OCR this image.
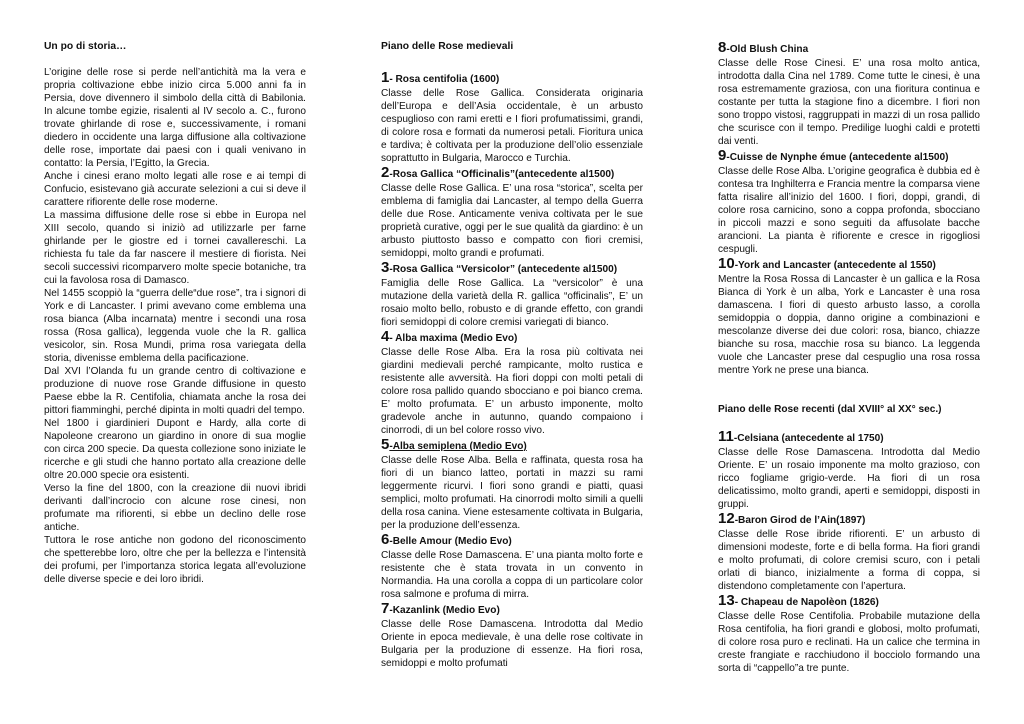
Un po di storia…

L’origine delle rose si perde nell’antichità ma la vera e propria coltivazione ebbe inizio circa 5.000 anni fa in Persia, dove divennero il simbolo della città di Babilonia. In alcune tombe egizie, risalenti al IV secolo a. C., furono trovate ghirlande di rose e, successivamente, i romani diedero in occidente una larga diffusione alla coltivazione delle rose, importate dai paesi con i quali venivano in contatto: la Persia, l’Egitto, la Grecia.

Anche i cinesi erano molto legati alle rose e ai tempi di Confucio, esistevano già accurate selezioni a cui si deve il carattere rifiorente delle rose moderne.

La massima diffusione delle rose si ebbe in Europa nel XIII secolo, quando si iniziò ad utilizzarle per farne ghirlande per le giostre ed i tornei cavallereschi. La richiesta fu tale da far nascere il mestiere di fiorista. Nei secoli successivi ricomparvero molte specie botaniche, tra cui la favolosa rosa di Damasco.

Nel 1455 scoppiò la “guerra delle“due rose”, tra i signori di York e di Lancaster. I primi avevano come emblema una rosa bianca (Alba incarnata) mentre i secondi una rosa rossa (Rosa gallica), leggenda vuole che la R. gallica vesicolor, sin. Rosa Mundi, prima rosa variegata della storia, divenisse emblema della pacificazione.

Dal XVI l’Olanda fu un grande centro di coltivazione e produzione di nuove rose Grande diffusione in questo Paese ebbe la R. Centifolia, chiamata anche la rosa dei pittori fiamminghi, perché dipinta in molti quadri del tempo.

Nel 1800 i giardinieri Dupont e Hardy, alla corte di Napoleone crearono un giardino in onore di sua moglie con circa 200 specie. Da questa collezione sono iniziate le ricerche e gli studi che hanno portato alla creazione delle oltre 20.000 specie ora esistenti.

Verso la fine del 1800, con la creazione dii nuovi ibridi derivanti dall’incrocio con alcune rose cinesi, non profumate ma rifiorenti, si ebbe un declino delle rose antiche.

Tuttora le rose antiche non godono del riconoscimento che spetterebbe loro, oltre che per la bellezza e l’intensità dei profumi, per l’importanza storica legata all’evoluzione delle diverse specie e dei loro ibridi.

Piano delle Rose medievali
1- Rosa centifolia (1600)

Classe delle Rose Gallica. Considerata originaria dell’Europa e dell’Asia occidentale, è un arbusto cespuglioso con rami eretti e I fiori profumatissimi, grandi, di colore rosa e formati da numerosi petali. Fioritura unica e tardiva; è coltivata per la produzione dell’olio essenziale soprattutto in Bulgaria, Marocco e Turchia.

2-Rosa Gallica “Officinalis”(antecedente al1500)

Classe delle Rose Gallica. E’ una rosa “storica”, scelta per emblema di famiglia dai Lancaster, al tempo della Guerra delle due Rose. Anticamente veniva coltivata per le sue proprietà curative, oggi per le sue qualità da giardino: è un arbusto piuttosto basso e compatto con fiori cremisi, semidoppi, molto grandi e profumati.

3-Rosa Gallica “Versicolor” (antecedente al1500)

Famiglia delle Rose Gallica. La “versicolor” è una mutazione della varietà della R. gallica “officinalis”, E’ un rosaio molto bello, robusto e di grande effetto, con grandi fiori semidoppi di colore cremisi variegati di bianco.

4- Alba maxima (Medio Evo)

Classe delle Rose Alba. Era la rosa più coltivata nei giardini medievali perché rampicante, molto rustica e resistente alle avversità. Ha fiori doppi con molti petali di colore rosa pallido quando sbocciano e poi bianco crema. E’ molto profumata. E’ un arbusto imponente, molto gradevole anche in autunno, quando compaiono i cinorrodi, di un bel colore rosso vivo.

5-Alba semiplena (Medio Evo)

Classe delle Rose Alba. Bella e raffinata, questa rosa ha fiori di un bianco latteo, portati in mazzi su rami leggermente ricurvi. I fiori sono grandi e piatti, quasi semplici, molto profumati. Ha cinorrodi molto simili a quelli della rosa canina. Viene estesamente coltivata in Bulgaria, per la produzione dell’essenza.

6-Belle Amour (Medio Evo)

Classe delle Rose Damascena. E’ una pianta molto forte e resistente che è stata trovata in un convento in Normandia. Ha una corolla a coppa di un particolare color rosa salmone e profuma di mirra.

7-Kazanlink (Medio Evo)

Classe delle Rose Damascena. Introdotta dal Medio Oriente in epoca medievale, è una delle rose coltivate in Bulgaria per la produzione di essenze. Ha fiori rosa, semidoppi e molto profumati

8-Old Blush China

Classe delle Rose Cinesi. E’ una rosa molto antica, introdotta dalla Cina nel 1789. Come tutte le cinesi, è una rosa estremamente graziosa, con una fioritura continua e costante per tutta la stagione fino a dicembre. I fiori non sono troppo vistosi, raggruppati in mazzi di un rosa pallido che scurisce con il tempo. Predilige luoghi caldi e protetti dai venti.

9-Cuisse de Nynphe émue (antecedente al1500)

Classe delle Rose Alba. L’origine geografica è dubbia ed è contesa tra Inghilterra e Francia mentre la comparsa viene fatta risalire all’inizio del 1600. I fiori, doppi, grandi, di colore rosa carnicino, sono a coppa profonda, sbocciano in piccoli mazzi e sono seguiti da affusolate bacche arancioni. La pianta è rifiorente e cresce in rigogliosi cespugli.

10-York and Lancaster (antecedente al 1550)

Mentre la Rosa Rossa di Lancaster è un gallica e la Rosa Bianca di York è un alba, York e Lancaster è una rosa damascena. I fiori di questo arbusto lasso, a corolla semidoppia o doppia, danno origine a combinazioni e mescolanze diverse dei due colori: rosa, bianco, chiazze bianche su rosa, macchie rosa su bianco. La leggenda vuole che Lancaster prese dal cespuglio una rosa rossa mentre York ne prese una bianca.

Piano delle Rose recenti (dal XVIII° al XX° sec.)
11-Celsiana (antecedente al 1750)

Classe delle Rose Damascena. Introdotta dal Medio Oriente. E’ un rosaio imponente ma molto grazioso, con ricco fogliame grigio-verde. Ha fiori di un rosa delicatissimo, molto grandi, aperti e semidoppi, disposti in gruppi.

12-Baron Girod de l’Ain(1897)

Classe delle Rose ibride rifiorenti. E’ un arbusto di dimensioni modeste, forte e di bella forma. Ha fiori grandi e molto profumati, di colore cremisi scuro, con i petali orlati di bianco, inizialmente a forma di coppa, si distendono completamente con l’apertura.

13- Chapeau de Napolèon (1826)

Classe delle Rose Centifolia. Probabile mutazione della Rosa centifolia, ha fiori grandi e globosi, molto profumati, di colore rosa puro e reclinati. Ha un calice che termina in creste frangiate e racchiudono il bocciolo formando una sorta di “cappello”a tre punte.
